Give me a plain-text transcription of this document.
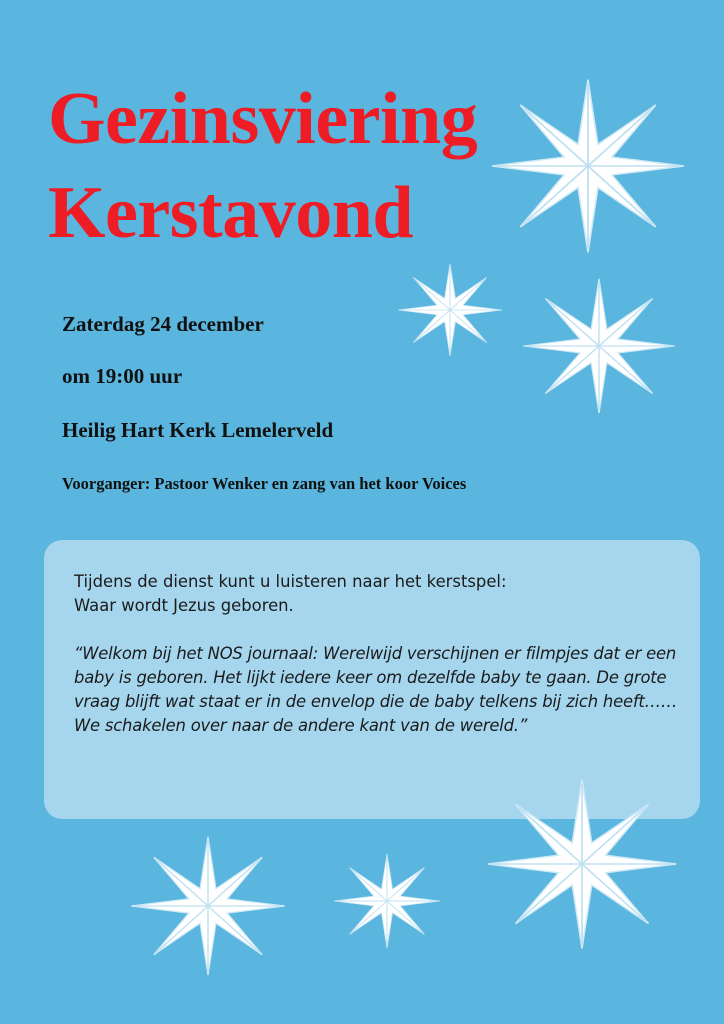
Gezinsviering
Kerstavond

Zaterdag 24 december

om 19:00 uur

Heilig Hart Kerk Lemelerveld

Voorganger: Pastoor Wenker en zang van het koor Voices

Tijdens de dienst kunt u luisteren naar het kerstspel:
Waar wordt Jezus geboren.

“Welkom bij het NOS journaal: Werelwijd verschijnen er filmpjes dat er een baby is geboren. Het lijkt iedere keer om dezelfde baby te gaan. De grote vraag blijft wat staat er in de envelop die de baby telkens bij zich heeft…… We schakelen over naar de andere kant van de wereld.”
